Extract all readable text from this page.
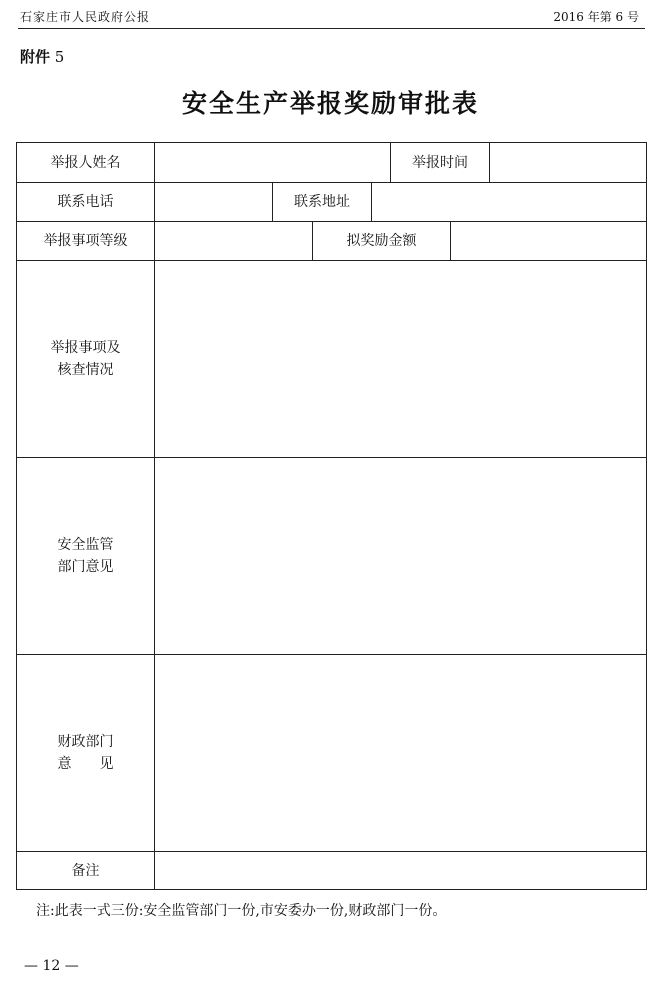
石家庄市人民政府公报	2016 年第 6 号
附件 5
安全生产举报奖励审批表
举报人姓名	举报时间
联系电话	联系地址
举报事项等级	拟奖励金额
举报事项及
核查情况
安全监管
部门意见
财政部门
意　　见
备注
注:此表一式三份:安全监管部门一份,市安委办一份,财政部门一份。
— 12 —
